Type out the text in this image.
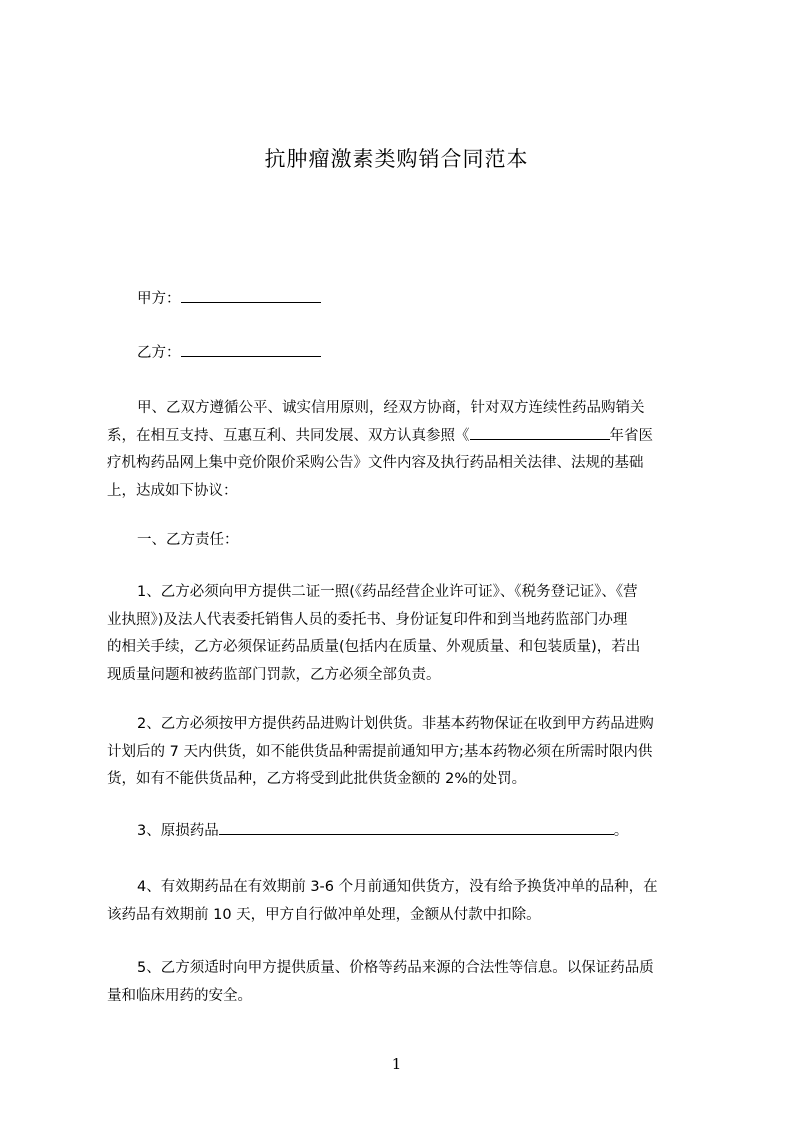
抗肿瘤激素类购销合同范本
甲方：
乙方：
甲、乙双方遵循公平、诚实信用原则，经双方协商，针对双方连续性药品购销关
系，在相互支持、互惠互利、共同发展、双方认真参照《	年省医
疗机构药品网上集中竞价限价采购公告》文件内容及执行药品相关法律、法规的基础
上，达成如下协议：
一、乙方责任：
1、乙方必须向甲方提供二证一照(《药品经营企业许可证》、《税务登记证》、《营
业执照》)及法人代表委托销售人员的委托书、身份证复印件和到当地药监部门办理
的相关手续，乙方必须保证药品质量(包括内在质量、外观质量、和包装质量)，若出
现质量问题和被药监部门罚款，乙方必须全部负责。
2、乙方必须按甲方提供药品进购计划供货。非基本药物保证在收到甲方药品进购
计划后的 7 天内供货，如不能供货品种需提前通知甲方;基本药物必须在所需时限内供
货，如有不能供货品种，乙方将受到此批供货金额的 2%的处罚。
3、原损药品	。
4、有效期药品在有效期前 3-6 个月前通知供货方，没有给予换货冲单的品种，在
该药品有效期前 10 天，甲方自行做冲单处理，金额从付款中扣除。
5、乙方须适时向甲方提供质量、价格等药品来源的合法性等信息。以保证药品质
量和临床用药的安全。
1
